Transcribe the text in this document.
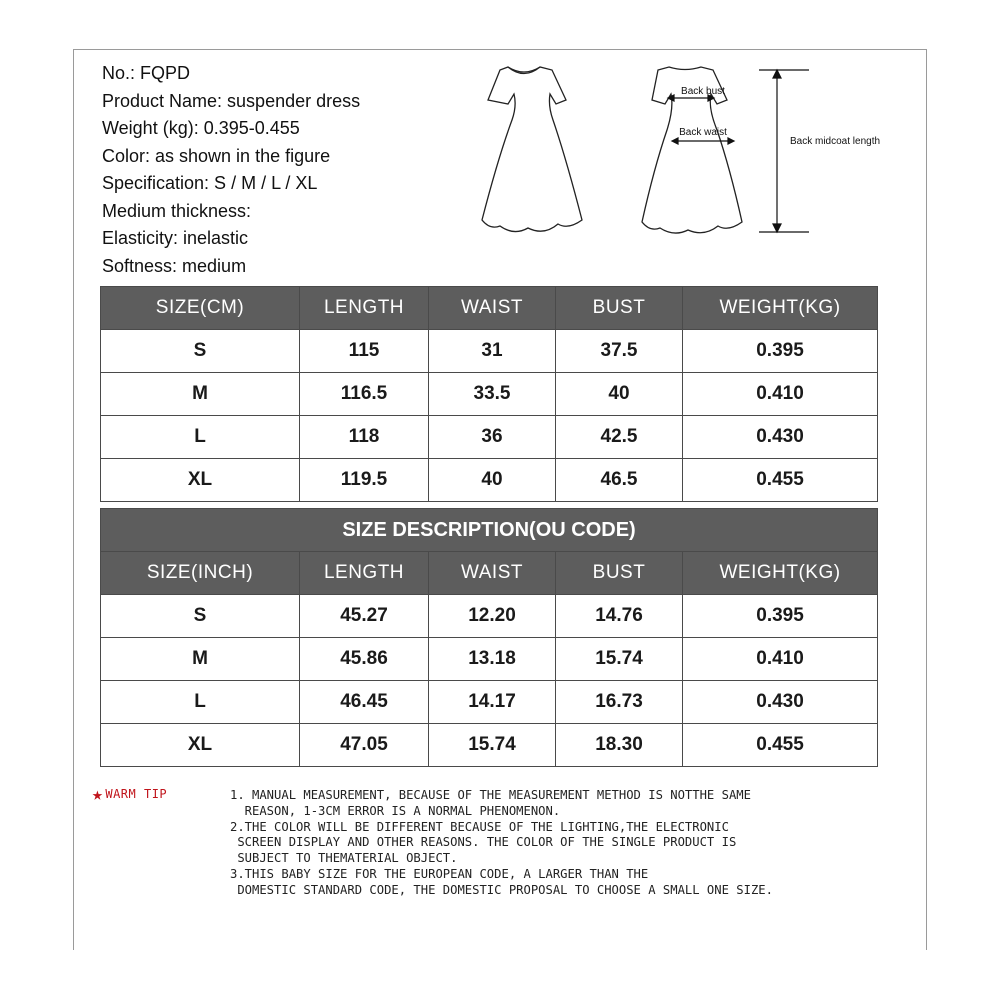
No.: FQPD
Product Name: suspender dress
Weight (kg): 0.395-0.455
Color: as shown in the figure
Specification: S / M / L / XL
Medium thickness:
Elasticity: inelastic
Softness: medium
Back bust
Back waist
Back midcoat length
SIZE(CM)	LENGTH	WAIST	BUST	WEIGHT(KG)
S	115	31	37.5	0.395
M	116.5	33.5	40	0.410
L	118	36	42.5	0.430
XL	119.5	40	46.5	0.455
SIZE DESCRIPTION(OU CODE)				
SIZE(INCH)	LENGTH	WAIST	BUST	WEIGHT(KG)
S	45.27	12.20	14.76	0.395
M	45.86	13.18	15.74	0.410
L	46.45	14.17	16.73	0.430
XL	47.05	15.74	18.30	0.455
★ WARM TIP	1. MANUAL MEASUREMENT, BECAUSE OF THE MEASUREMENT METHOD IS NOTTHE SAME
REASON, 1-3CM ERROR IS A NORMAL PHENOMENON.
2.THE COLOR WILL BE DIFFERENT BECAUSE OF THE LIGHTING,THE ELECTRONIC
SCREEN DISPLAY AND OTHER REASONS. THE COLOR OF THE SINGLE PRODUCT IS
SUBJECT TO THEMATERIAL OBJECT.
3.THIS BABY SIZE FOR THE EUROPEAN CODE, A LARGER THAN THE
DOMESTIC STANDARD CODE, THE DOMESTIC PROPOSAL TO CHOOSE A SMALL ONE SIZE.
